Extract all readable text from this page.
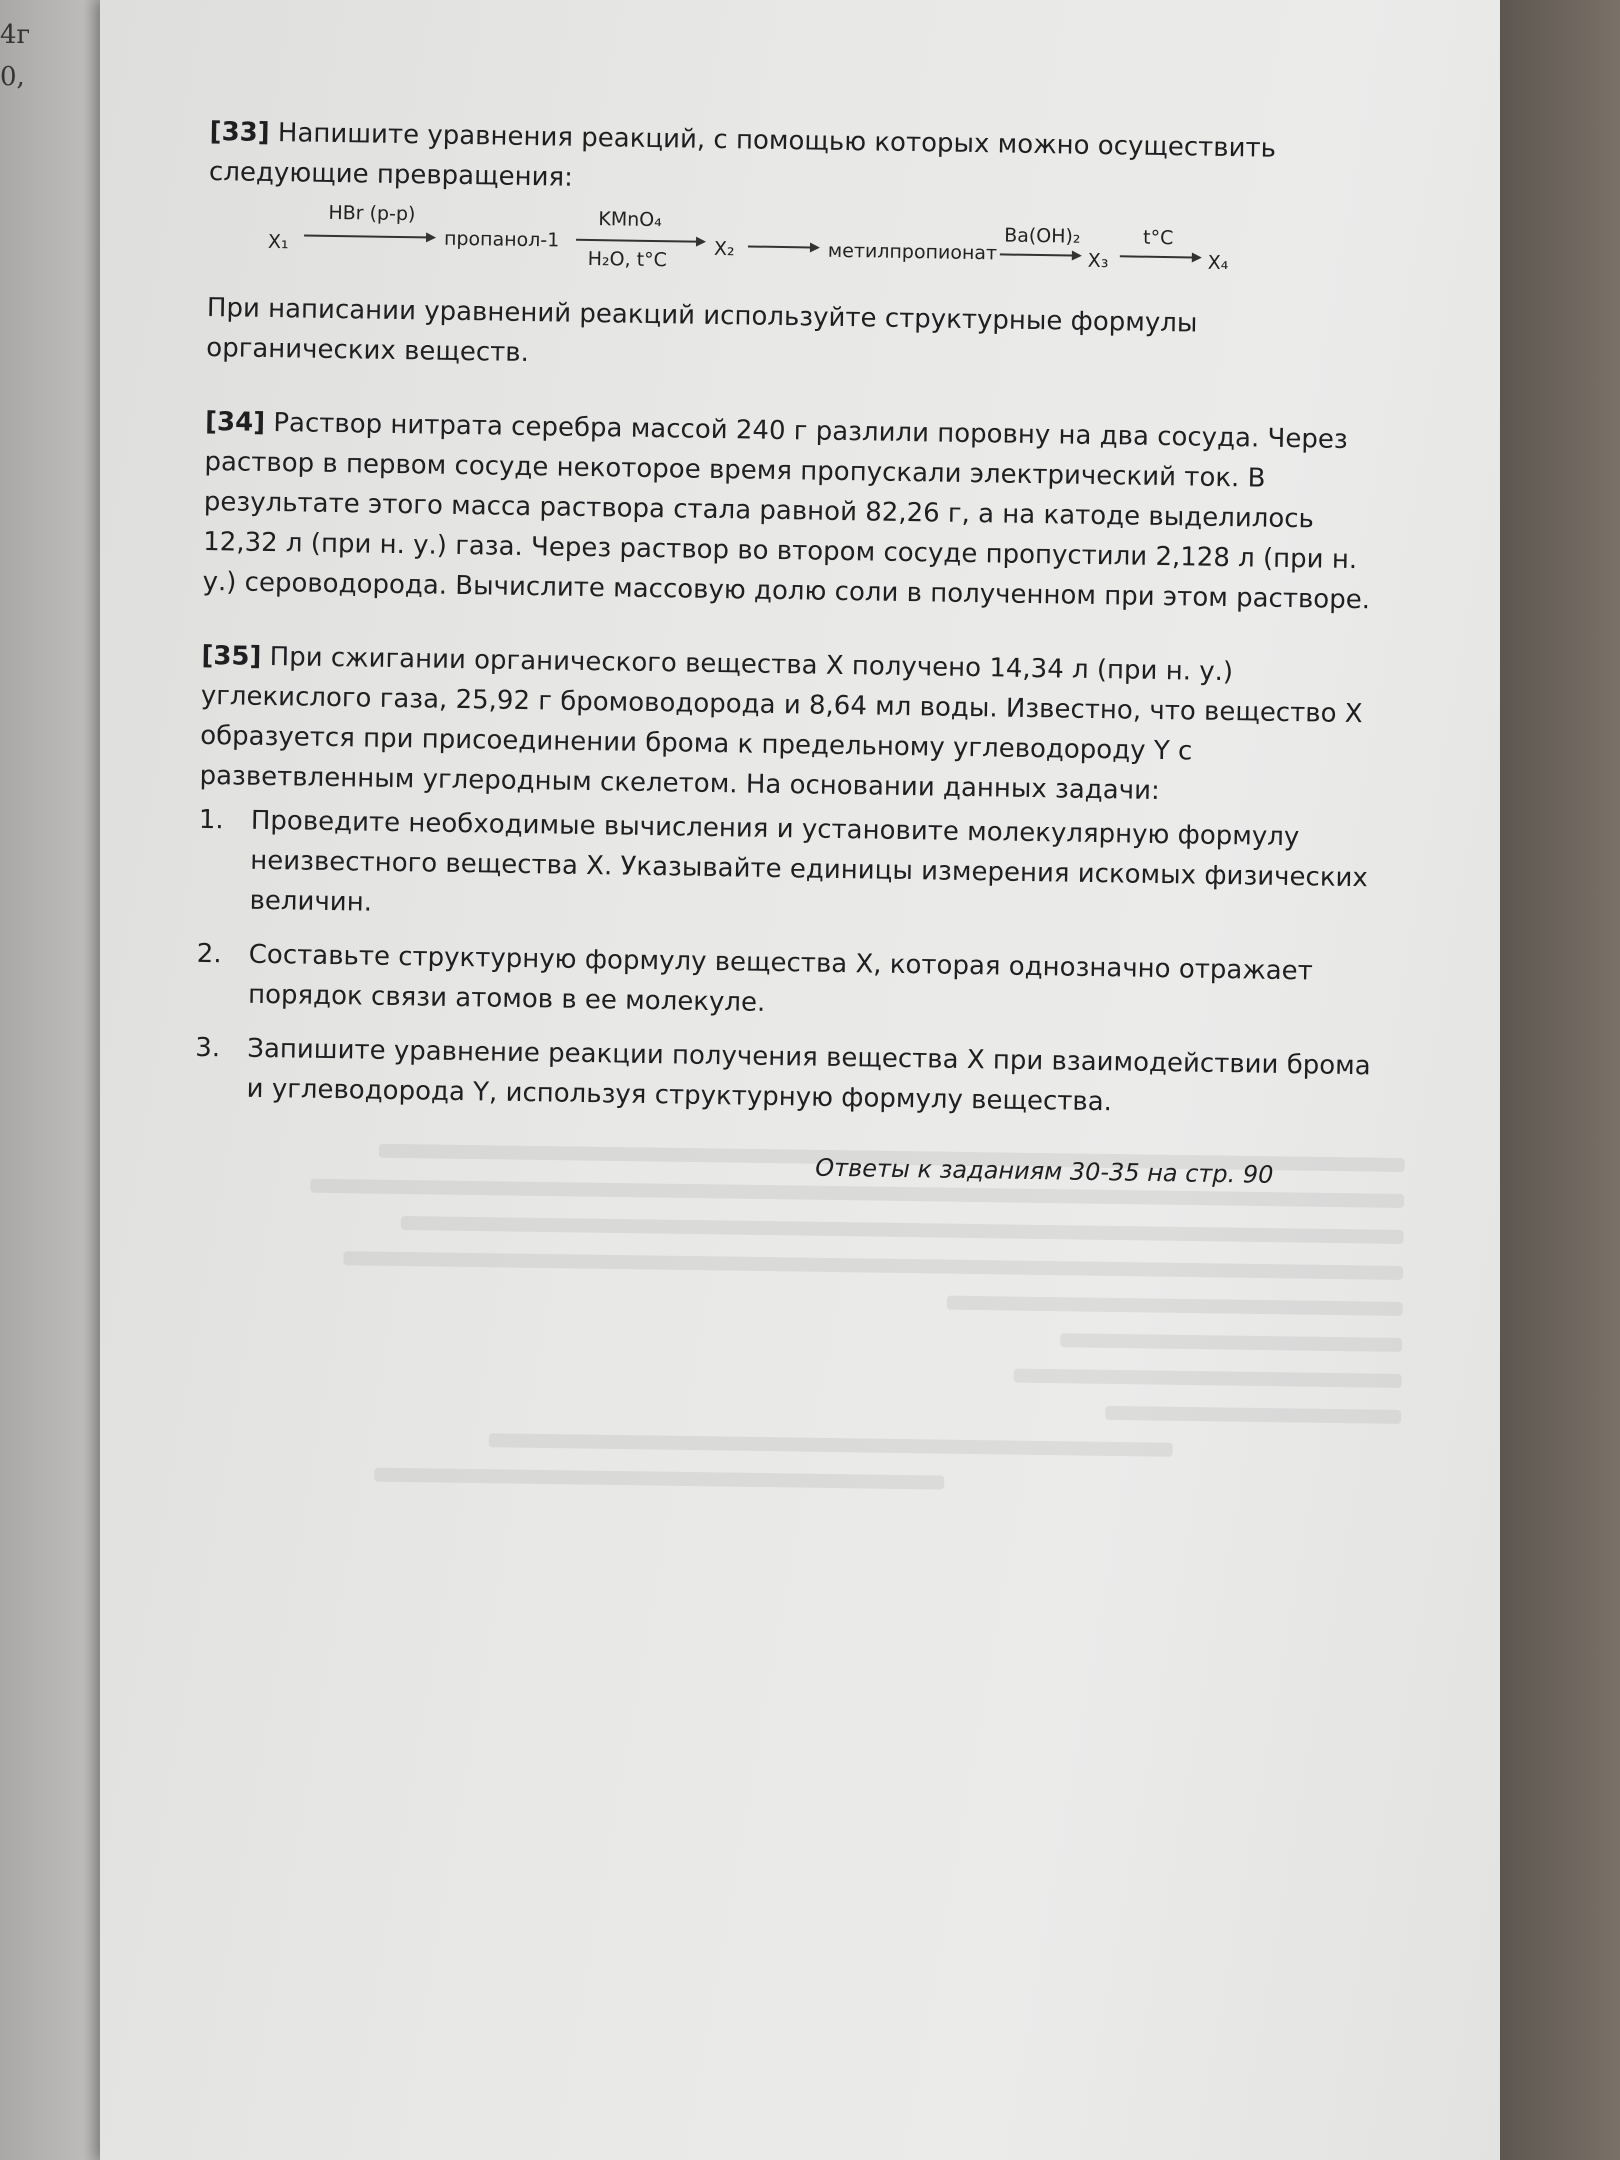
4г
0,

[33] Напишите уравнения реакций, с помощью которых можно осуществить следующие превращения:

X₁
HBr (р-р)
пропанол-1
KMnO₄
H₂O, t°C X₂	метилпропионат
Ba(OH)₂
X₃
t°C
X₄

При написании уравнений реакций используйте структурные формулы органических веществ.

[34] Раствор нитрата серебра массой 240 г разлили поровну на два сосуда. Через раствор в первом сосуде некоторое время пропускали электрический ток. В результате этого масса раствора стала равной 82,26 г, а на катоде выделилось 12,32 л (при н. у.) газа. Через раствор во втором сосуде пропустили 2,128 л (при н. у.) сероводорода. Вычислите массовую долю соли в полученном при этом растворе.

[35] При сжигании органического вещества X получено 14,34 л (при н. у.) углекислого газа, 25,92 г бромоводорода и 8,64 мл воды. Известно, что вещество X образуется при присоединении брома к предельному углеводороду Y с разветвленным углеродным скелетом. На основании данных задачи:

1.	Проведите необходимые вычисления и установите молекулярную формулу неизвестного вещества X. Указывайте единицы измерения искомых физических величин.
2.	Составьте структурную формулу вещества X, которая однозначно отражает порядок связи атомов в ее молекуле.
3.	Запишите уравнение реакции получения вещества X при взаимодействии брома и углеводорода Y, используя структурную формулу вещества.
Ответы к заданиям 30-35 на стр. 90
